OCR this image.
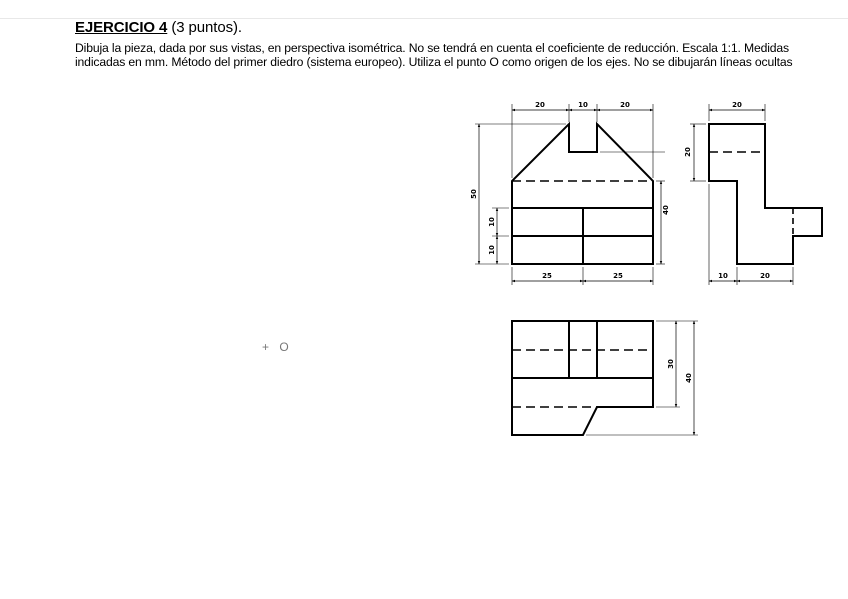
EJERCICIO 4 (3 puntos).
Dibuja la pieza, dada por sus vistas, en perspectiva isométrica. No se tendrá en cuenta el coeficiente de reducción. Escala 1:1. Medidas indicadas en mm. Método del primer diedro (sistema europeo). Utiliza el punto O como origen de los ejes. No se dibujarán líneas ocultas
+ O
20	10	20
50
40
10
10
25	25
20
20
10	20
30
40
